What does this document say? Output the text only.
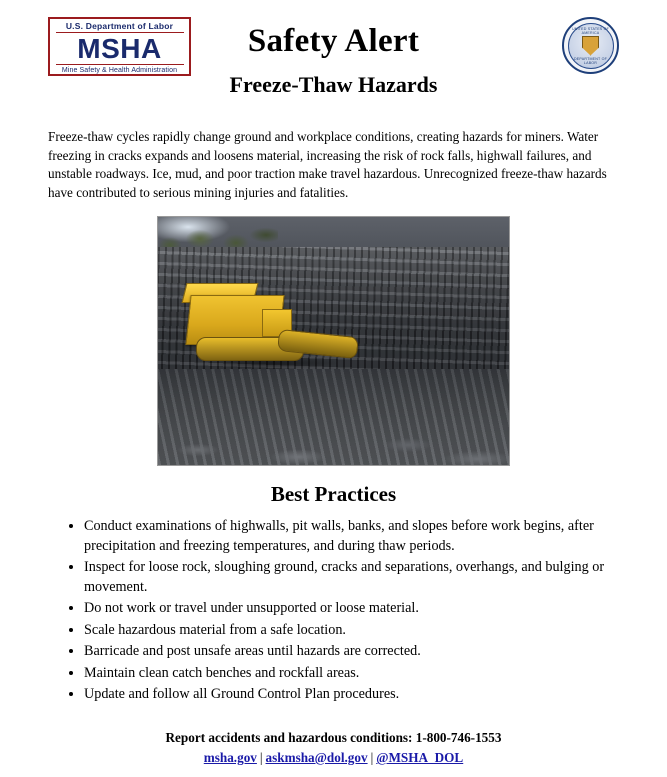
U.S. Department of Labor
MSHA
Mine Safety & Health Administration
UNITED STATES OF AMERICA
DEPARTMENT OF LABOR
Safety Alert
Freeze-Thaw Hazards

Freeze-thaw cycles rapidly change ground and workplace conditions, creating hazards for miners. Water freezing in cracks expands and loosens material, increasing the risk of rock falls, highwall failures, and unstable roadways. Ice, mud, and poor traction make travel hazardous. Unrecognized freeze-thaw hazards have contributed to serious mining injuries and fatalities.

Best Practices
• Conduct examinations of highwalls, pit walls, banks, and slopes before work begins, after precipitation and freezing temperatures, and during thaw periods.
• Inspect for loose rock, sloughing ground, cracks and separations, overhangs, and bulging or movement.
• Do not work or travel under unsupported or loose material.
• Scale hazardous material from a safe location.
• Barricade and post unsafe areas until hazards are corrected.
• Maintain clean catch benches and rockfall areas.
• Update and follow all Ground Control Plan procedures.
Report accidents and hazardous conditions: 1-800-746-1553
msha.gov | askmsha@dol.gov | @MSHA_DOL
